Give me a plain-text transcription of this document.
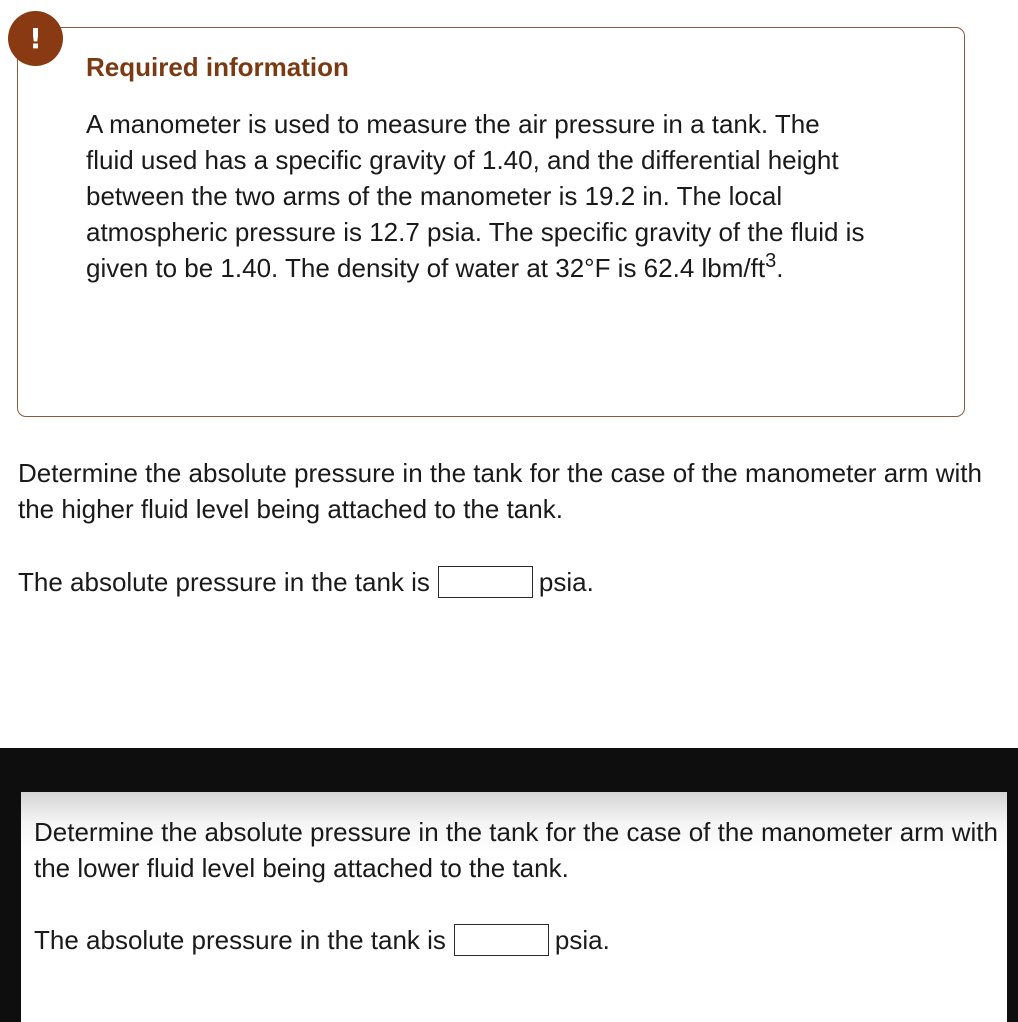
!
Required information

A manometer is used to measure the air pressure in a tank. The fluid used has a specific gravity of 1.40, and the differential height between the two arms of the manometer is 19.2 in. The local atmospheric pressure is 12.7 psia. The specific gravity of the fluid is given to be 1.40. The density of water at 32°F is 62.4 lbm/$ft^3$.

Determine the absolute pressure in the tank for the case of the manometer arm with the higher fluid level being attached to the tank.

The absolute pressure in the tank is	psia.

Determine the absolute pressure in the tank for the case of the manometer arm with the lower fluid level being attached to the tank.

The absolute pressure in the tank is	psia.
